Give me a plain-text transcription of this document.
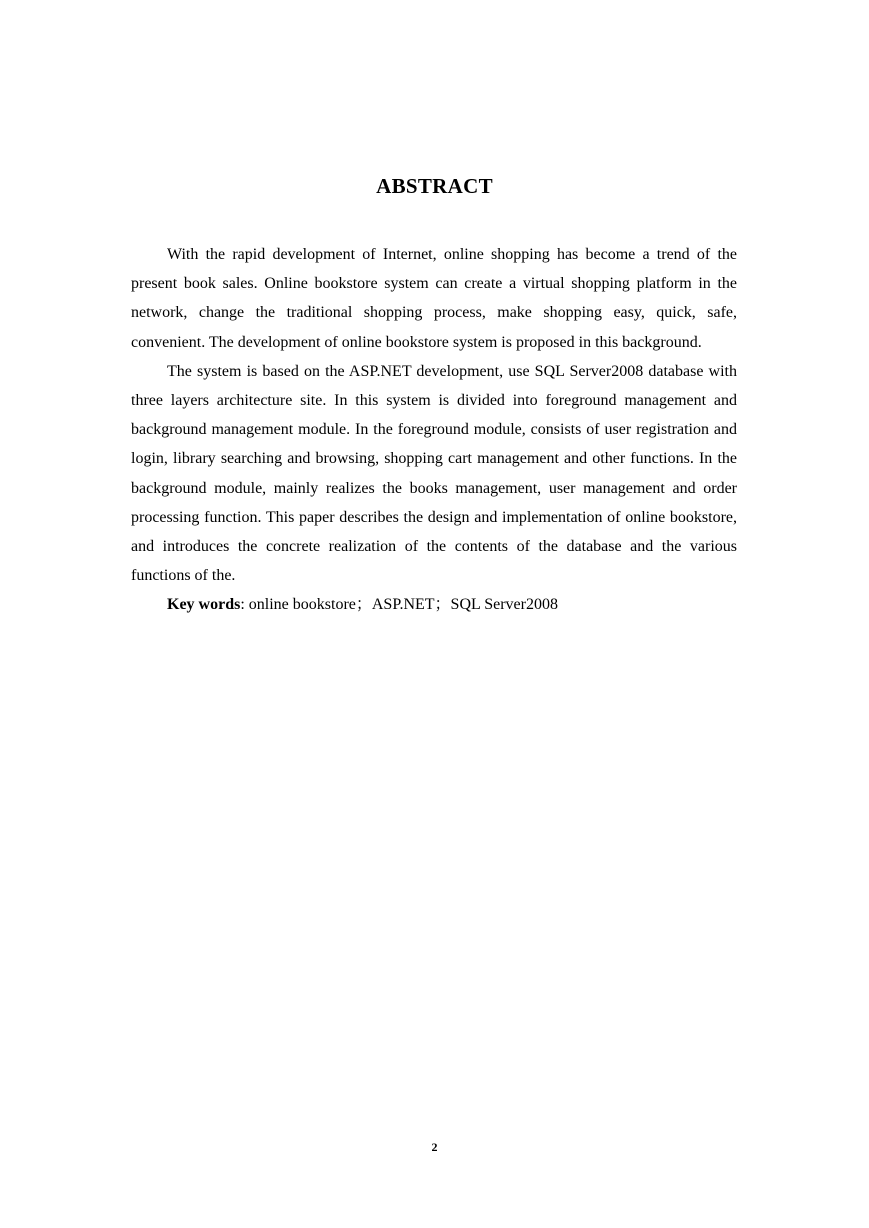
ABSTRACT

With the rapid development of Internet, online shopping has become a trend of the present book sales. Online bookstore system can create a virtual shopping platform in the network, change the traditional shopping process, make shopping easy, quick, safe, convenient. The development of online bookstore system is proposed in this background.

The system is based on the ASP.NET development, use SQL Server2008 database with three layers architecture site. In this system is divided into foreground management and background management module. In the foreground module, consists of user registration and login, library searching and browsing, shopping cart management and other functions. In the background module, mainly realizes the books management, user management and order processing function. This paper describes the design and implementation of online bookstore, and introduces the concrete realization of the contents of the database and the various functions of the.

Key words: online bookstore；ASP.NET；SQL Server2008

2
